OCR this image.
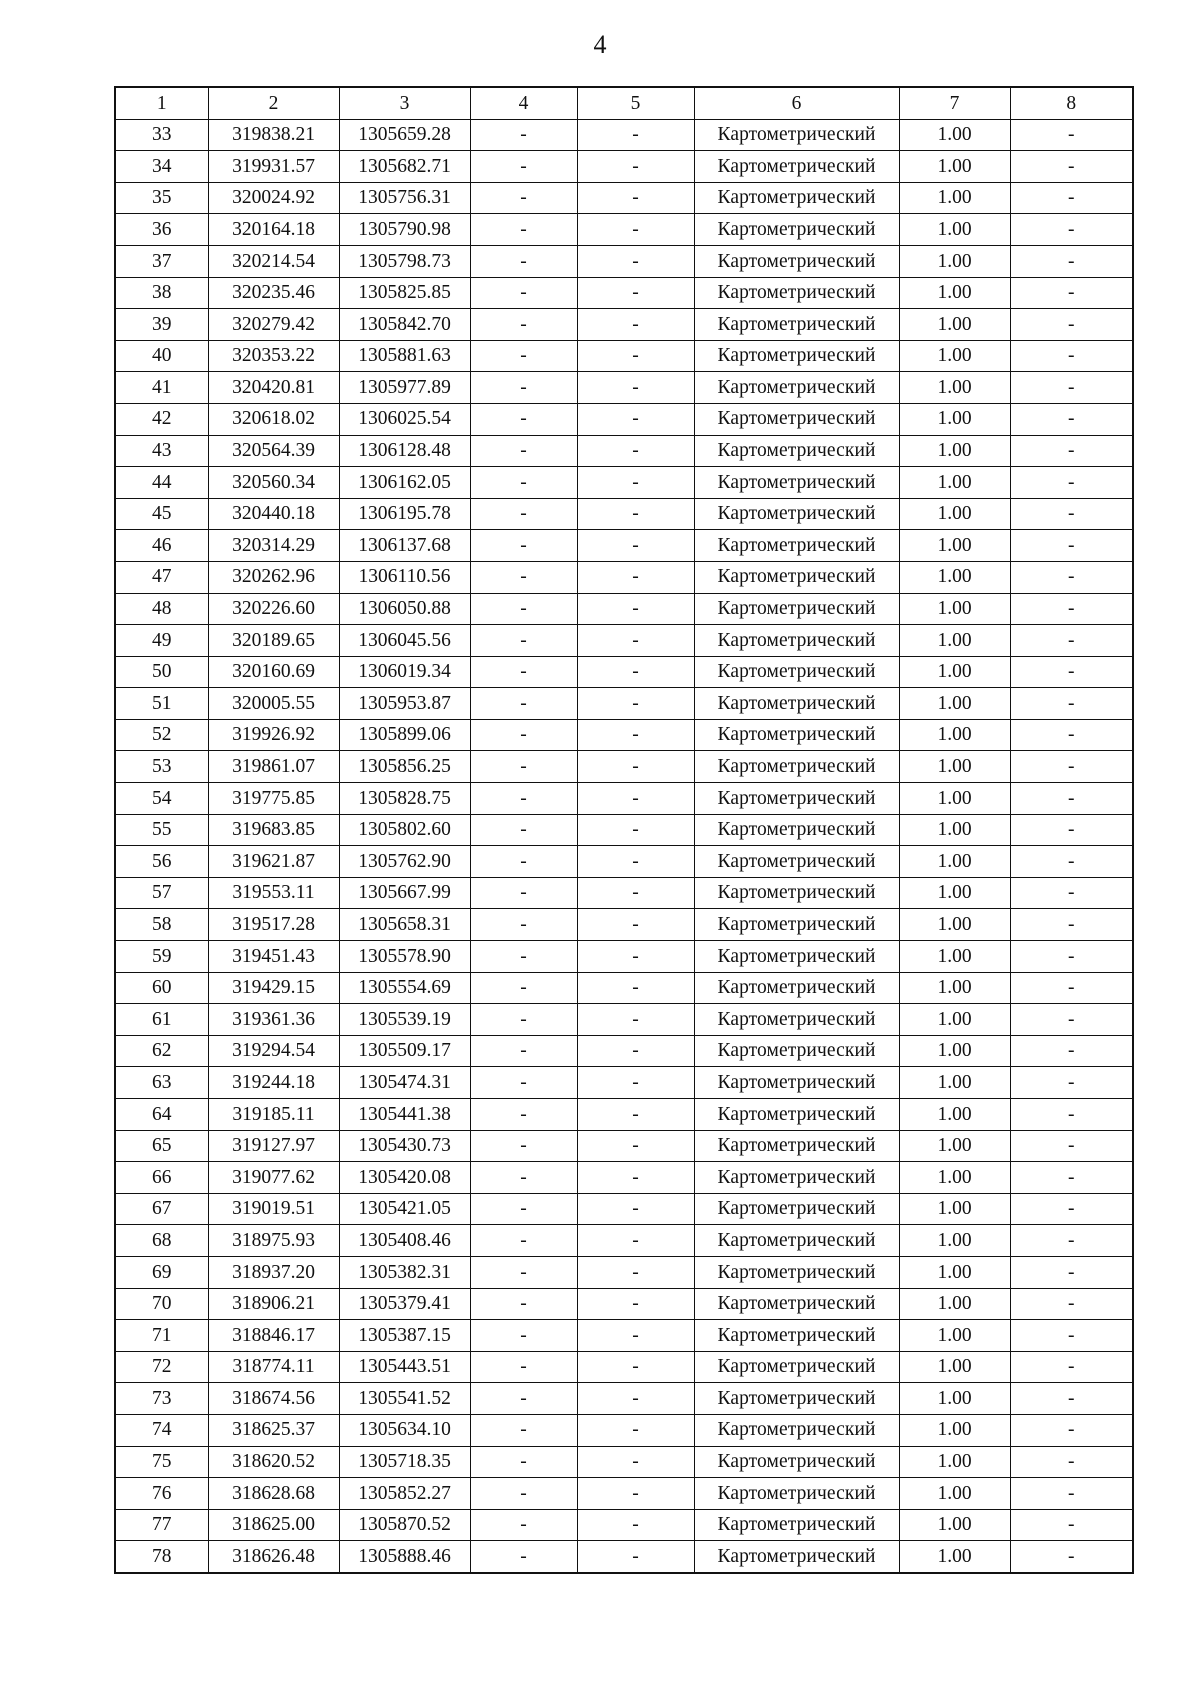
4
1	2	3	4	5	6	7	8
33	319838.21	1305659.28	-	-	Картометрический	1.00	-
34	319931.57	1305682.71	-	-	Картометрический	1.00	-
35	320024.92	1305756.31	-	-	Картометрический	1.00	-
36	320164.18	1305790.98	-	-	Картометрический	1.00	-
37	320214.54	1305798.73	-	-	Картометрический	1.00	-
38	320235.46	1305825.85	-	-	Картометрический	1.00	-
39	320279.42	1305842.70	-	-	Картометрический	1.00	-
40	320353.22	1305881.63	-	-	Картометрический	1.00	-
41	320420.81	1305977.89	-	-	Картометрический	1.00	-
42	320618.02	1306025.54	-	-	Картометрический	1.00	-
43	320564.39	1306128.48	-	-	Картометрический	1.00	-
44	320560.34	1306162.05	-	-	Картометрический	1.00	-
45	320440.18	1306195.78	-	-	Картометрический	1.00	-
46	320314.29	1306137.68	-	-	Картометрический	1.00	-
47	320262.96	1306110.56	-	-	Картометрический	1.00	-
48	320226.60	1306050.88	-	-	Картометрический	1.00	-
49	320189.65	1306045.56	-	-	Картометрический	1.00	-
50	320160.69	1306019.34	-	-	Картометрический	1.00	-
51	320005.55	1305953.87	-	-	Картометрический	1.00	-
52	319926.92	1305899.06	-	-	Картометрический	1.00	-
53	319861.07	1305856.25	-	-	Картометрический	1.00	-
54	319775.85	1305828.75	-	-	Картометрический	1.00	-
55	319683.85	1305802.60	-	-	Картометрический	1.00	-
56	319621.87	1305762.90	-	-	Картометрический	1.00	-
57	319553.11	1305667.99	-	-	Картометрический	1.00	-
58	319517.28	1305658.31	-	-	Картометрический	1.00	-
59	319451.43	1305578.90	-	-	Картометрический	1.00	-
60	319429.15	1305554.69	-	-	Картометрический	1.00	-
61	319361.36	1305539.19	-	-	Картометрический	1.00	-
62	319294.54	1305509.17	-	-	Картометрический	1.00	-
63	319244.18	1305474.31	-	-	Картометрический	1.00	-
64	319185.11	1305441.38	-	-	Картометрический	1.00	-
65	319127.97	1305430.73	-	-	Картометрический	1.00	-
66	319077.62	1305420.08	-	-	Картометрический	1.00	-
67	319019.51	1305421.05	-	-	Картометрический	1.00	-
68	318975.93	1305408.46	-	-	Картометрический	1.00	-
69	318937.20	1305382.31	-	-	Картометрический	1.00	-
70	318906.21	1305379.41	-	-	Картометрический	1.00	-
71	318846.17	1305387.15	-	-	Картометрический	1.00	-
72	318774.11	1305443.51	-	-	Картометрический	1.00	-
73	318674.56	1305541.52	-	-	Картометрический	1.00	-
74	318625.37	1305634.10	-	-	Картометрический	1.00	-
75	318620.52	1305718.35	-	-	Картометрический	1.00	-
76	318628.68	1305852.27	-	-	Картометрический	1.00	-
77	318625.00	1305870.52	-	-	Картометрический	1.00	-
78	318626.48	1305888.46	-	-	Картометрический	1.00	-
